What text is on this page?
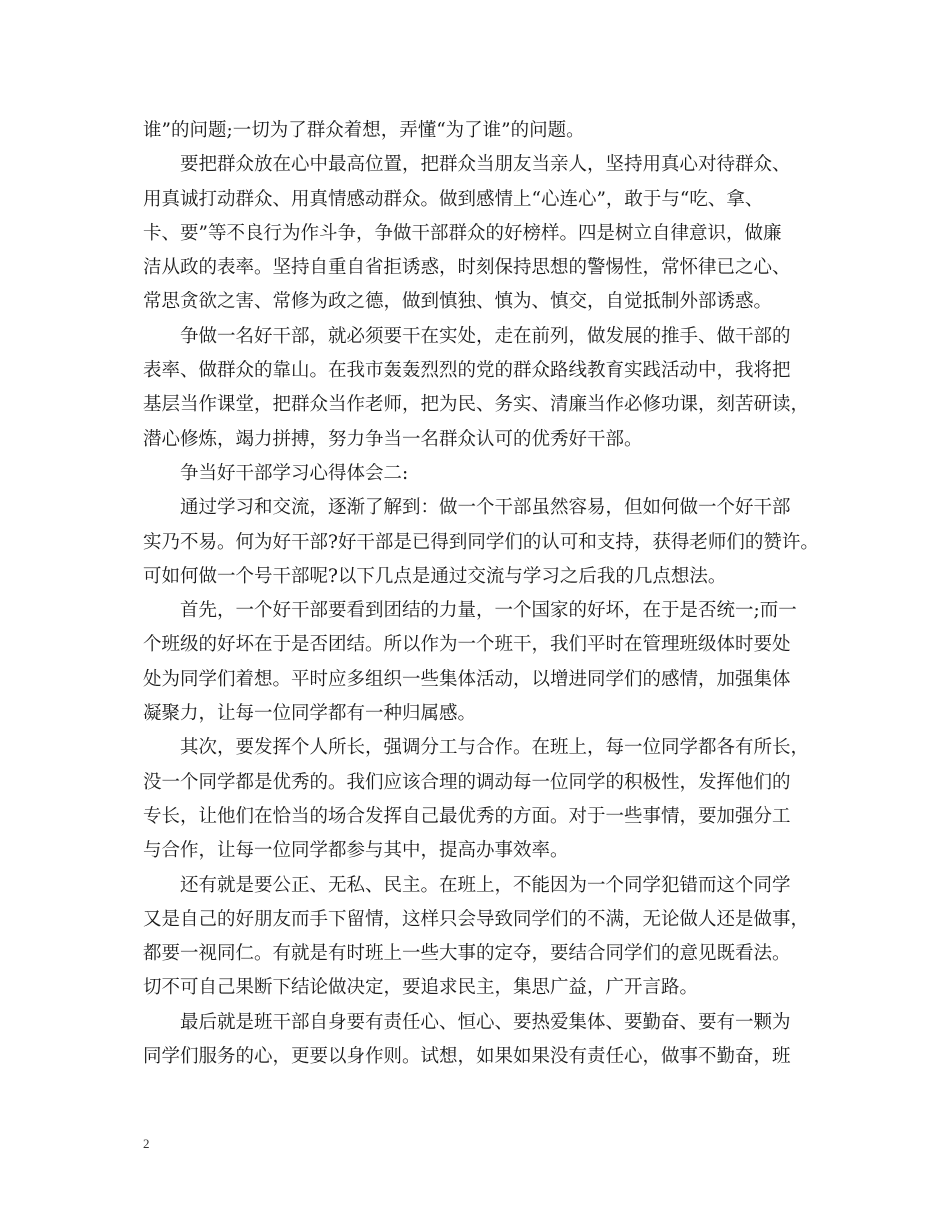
谁”的问题;一切为了群众着想，弄懂“为了谁”的问题。
要把群众放在心中最高位置，把群众当朋友当亲人，坚持用真心对待群众、
用真诚打动群众、用真情感动群众。做到感情上“心连心”，敢于与“吃、拿、
卡、要”等不良行为作斗争，争做干部群众的好榜样。四是树立自律意识，做廉
洁从政的表率。坚持自重自省拒诱惑，时刻保持思想的警惕性，常怀律已之心、
常思贪欲之害、常修为政之德，做到慎独、慎为、慎交，自觉抵制外部诱惑。
争做一名好干部，就必须要干在实处，走在前列，做发展的推手、做干部的
表率、做群众的靠山。在我市轰轰烈烈的党的群众路线教育实践活动中，我将把
基层当作课堂，把群众当作老师，把为民、务实、清廉当作必修功课，刻苦研读，
潜心修炼，竭力拼搏，努力争当一名群众认可的优秀好干部。
争当好干部学习心得体会二:
通过学习和交流，逐渐了解到：做一个干部虽然容易，但如何做一个好干部
实乃不易。何为好干部?好干部是已得到同学们的认可和支持，获得老师们的赞许。
可如何做一个号干部呢?以下几点是通过交流与学习之后我的几点想法。
首先，一个好干部要看到团结的力量，一个国家的好坏，在于是否统一;而一
个班级的好坏在于是否团结。所以作为一个班干，我们平时在管理班级体时要处
处为同学们着想。平时应多组织一些集体活动，以增进同学们的感情，加强集体
凝聚力，让每一位同学都有一种归属感。
其次，要发挥个人所长，强调分工与合作。在班上，每一位同学都各有所长，
没一个同学都是优秀的。我们应该合理的调动每一位同学的积极性，发挥他们的
专长，让他们在恰当的场合发挥自己最优秀的方面。对于一些事情，要加强分工
与合作，让每一位同学都参与其中，提高办事效率。
还有就是要公正、无私、民主。在班上，不能因为一个同学犯错而这个同学
又是自己的好朋友而手下留情，这样只会导致同学们的不满，无论做人还是做事，
都要一视同仁。有就是有时班上一些大事的定夺，要结合同学们的意见既看法。
切不可自己果断下结论做决定，要追求民主，集思广益，广开言路。
最后就是班干部自身要有责任心、恒心、要热爱集体、要勤奋、要有一颗为
同学们服务的心，更要以身作则。试想，如果如果没有责任心，做事不勤奋，班
2
